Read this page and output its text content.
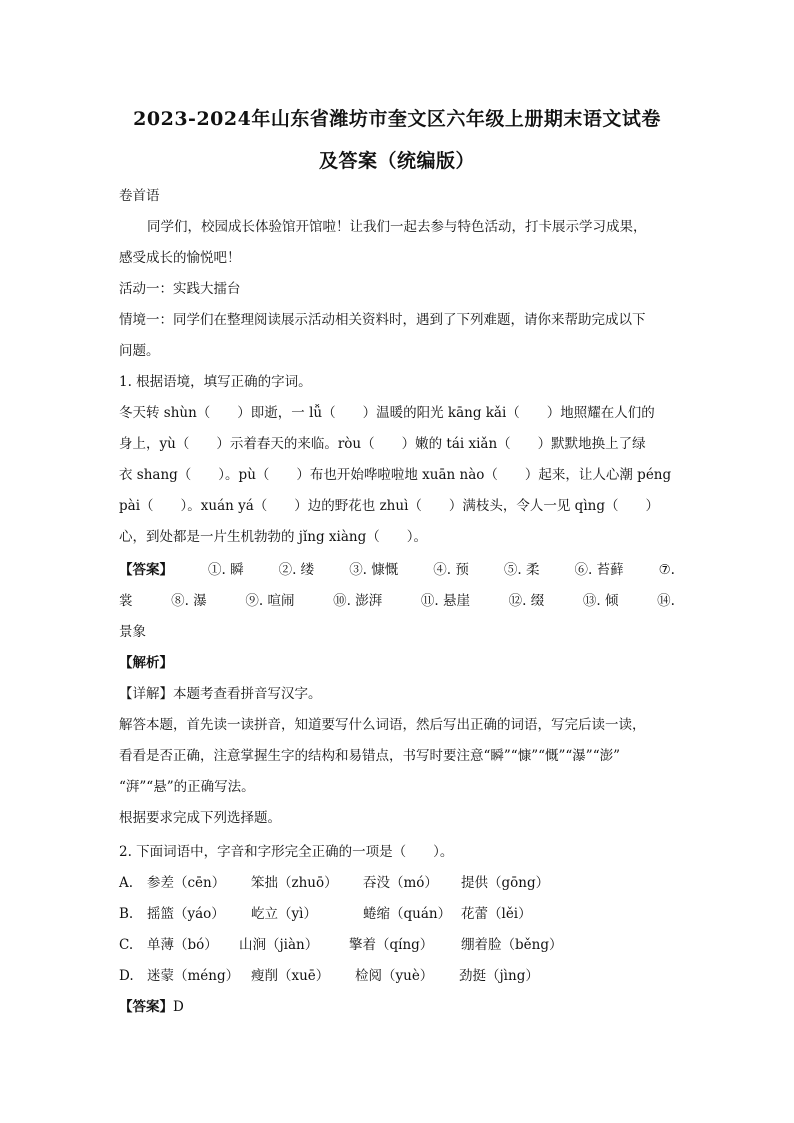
2023-2024年山东省潍坊市奎文区六年级上册期末语文试卷
及答案（统编版）
卷首语
同学们，校园成长体验馆开馆啦！让我们一起去参与特色活动，打卡展示学习成果，
感受成长的愉悦吧！
活动一：实践大擂台
情境一：同学们在整理阅读展示活动相关资料时，遇到了下列难题，请你来帮助完成以下
问题。
1. 根据语境，填写正确的字词。
冬天转 shùn（　　）即逝，一 lǚ（　　）温暖的阳光 kāng kǎi（　　）地照耀在人们的
身上，yù（　　）示着春天的来临。ròu（　　）嫩的 tái xiǎn（　　）默默地换上了绿
衣 shang（　　）。pù（　　）布也开始哗啦啦地 xuān nào（　　）起来，让人心潮 péng
pài（　　）。xuán yá（　　）边的野花也 zhuì（　　）满枝头，令人一见 qìng（　　）
心，到处都是一片生机勃勃的 jǐng xiàng（　　）。
【答案】	①. 瞬	②. 缕	③. 慷慨	④. 预	⑤. 柔	⑥. 苔藓	⑦.
裳	⑧. 瀑	⑨. 喧闹	⑩. 澎湃	⑪. 悬崖	⑫. 缀	⑬. 倾	⑭.
景象
【解析】
【详解】本题考查看拼音写汉字。
解答本题，首先读一读拼音，知道要写什么词语，然后写出正确的词语，写完后读一读，
看看是否正确，注意掌握生字的结构和易错点，书写时要注意“瞬”“慷”“慨”“瀑”“澎”
“湃”“悬”的正确写法。
根据要求完成下列选择题。
2. 下面词语中，字音和字形完全正确的一项是（　　）。
A. 参差（cēn） 笨拙（zhuō） 吞没（mó） 提供（gōng）
B. 摇篮（yáo） 屹立（yì）	蜷缩（quán） 花蕾（lěi）
C. 单薄（bó） 山涧（jiàn） 擎着（qíng） 绷着脸（běng）
D. 迷蒙（méng） 瘦削（xuē） 检阅（yuè） 劲挺（jìng）
【答案】D
